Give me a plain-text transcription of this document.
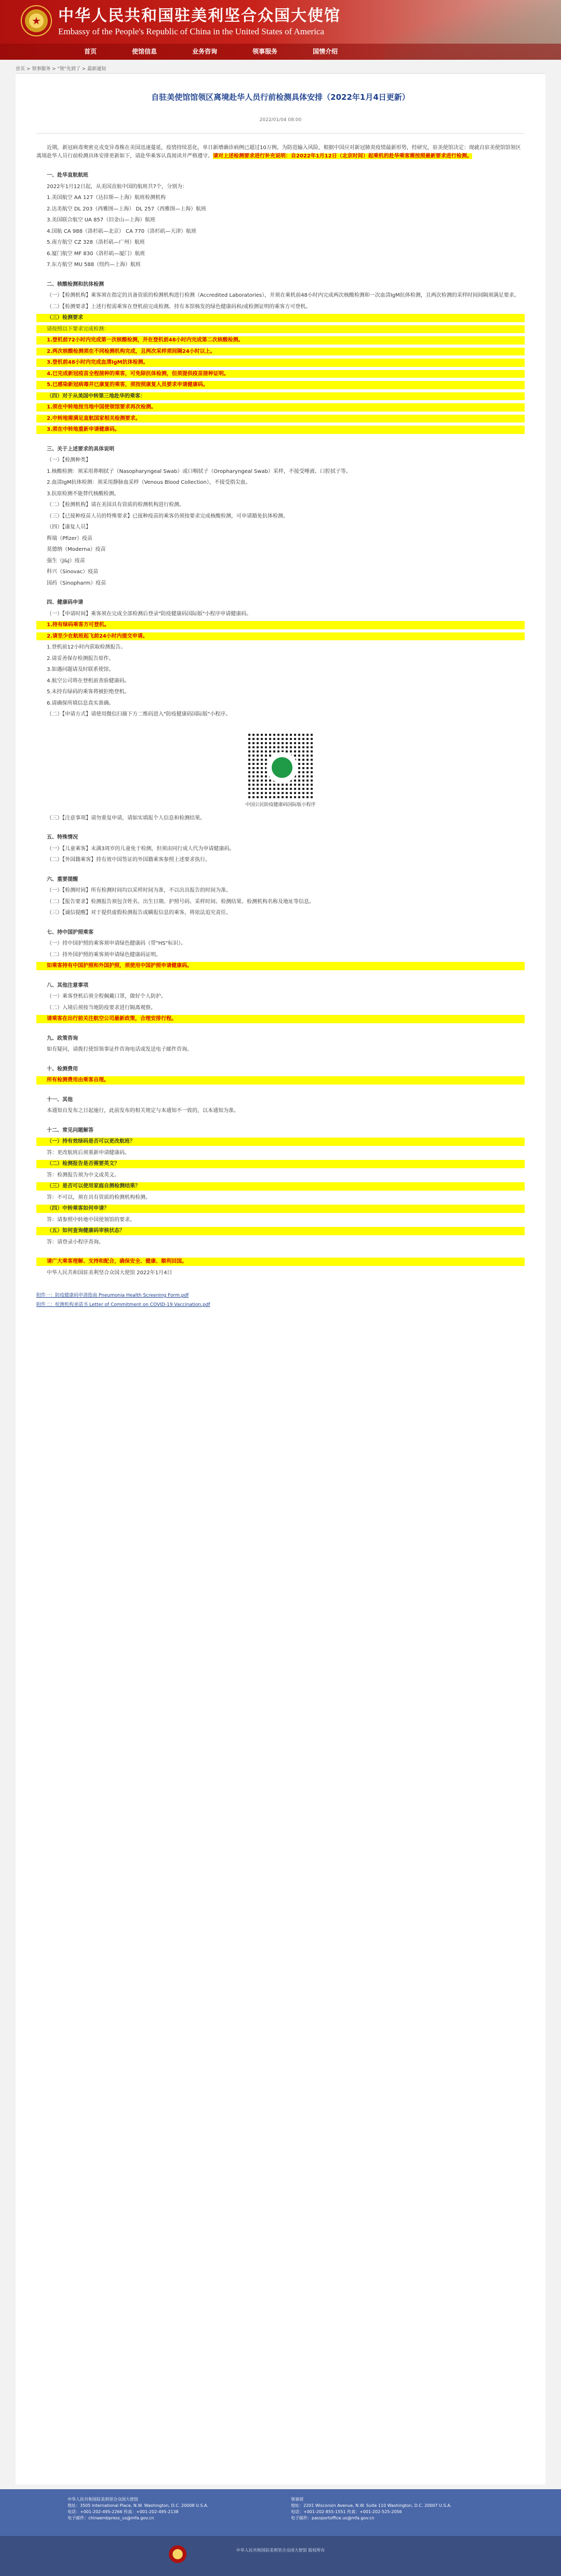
★	中华人民共和国驻美利坚合众国大使馆
Embassy of the People's Republic of China in the United States of America
首页	使馆信息	业务咨询	领事服务	国情介绍
首页 > 领事服务 > "领"先到了 > 最新通知
自驻美使馆馆领区离境赴华人员行前检测具体安排（2022年1月4日更新）
2022/01/04 08:00

近期，新冠病毒奥密克戎变异毒株在美国迅速蔓延，疫情持续恶化，单日新增确诊病例已超过10万例。为防范输入风险，根据中国应对新冠肺炎疫情最新形势，经研究，驻美使馆决定：现就自驻美使馆馆领区离境赴华人员行前检测具体安排更新如下，请赴华乘客认真阅读并严格遵守。请对上述检测要求进行补充说明：自2022年1月12日（北京时间）起乘机的赴华乘客需按照最新要求进行检测。

一、赴华直航航班

2022年1月12日起，从美国直航中国的航班共7个，分别为：

1.美国航空 AA 127（达拉斯—上海）航班检测机构

2.达美航空 DL 203（西雅图—上海） DL 257（西雅图—上海）航班

3.美国联合航空 UA 857（旧金山—上海）航班

4.国航 CA 988（洛杉矶—北京） CA 770（洛杉矶—天津）航班

5.南方航空 CZ 328（洛杉矶—广州）航班

6.厦门航空 MF 830（洛杉矶—厦门）航班

7.东方航空 MU 588（纽约—上海）航班

二、核酸检测和抗体检测

（一）【检测机构】乘客须在指定的具备资质的检测机构进行检测（Accredited Laboratories），并须在乘机前48小时内完成两次核酸检测和一次血清IgM抗体检测，且两次检测的采样时间间隔须满足要求。

（二）【检测要求】上述行程需乘客在登机前完成检测。持有本馆核发的绿色健康码和/或检测证明的乘客方可登机。

（三）检测要求

请按照以下要求完成检测：

1.登机前72小时内完成第一次核酸检测，并在登机前48小时内完成第二次核酸检测。

2.两次核酸检测须在不同检测机构完成，且两次采样须间隔24小时以上。

3.登机前48小时内完成血清IgM抗体检测。

4.已完成新冠疫苗全程接种的乘客，可免除抗体检测，但须提供疫苗接种证明。

5.已感染新冠病毒并已康复的乘客，须按照康复人员要求申请健康码。

（四）对于从美国中转第三地赴华的乘客：

1.须在中转地按当地中国使领馆要求再次检测。

2.中转地需满足直航国家相关检测要求。

3.须在中转地重新申请健康码。

三、关于上述要求的具体说明

（一）【检测种类】

1.核酸检测：须采用鼻咽拭子（Nasopharyngeal Swab）或口咽拭子（Oropharyngeal Swab）采样，不接受唾液、口腔拭子等。

2.血清IgM抗体检测：须采用静脉血采样（Venous Blood Collection），不接受指尖血。

3.抗原检测不能替代核酸检测。

（二）【检测机构】请在美国具有资质的检测机构进行检测。

（三）【已接种疫苗人员的特殊要求】已接种疫苗的乘客仍须按要求完成核酸检测，可申请豁免抗体检测。

（四）【康复人员】

辉瑞（Pfizer）疫苗

莫德纳（Moderna）疫苗

强生（J&J）疫苗

科兴（Sinovac）疫苗

国药（Sinopharm）疫苗

四、健康码申请

（一）【申请时间】乘客须在完成全部检测后登录"防疫健康码国际版"小程序申请健康码。

1.持有绿码乘客方可登机。

2.请至少在航班起飞前24小时内提交申请。

1.登机前12小时内获取检测报告。

2.请妥善保存检测报告原件。

3.如遇问题请及时联系使馆。

4.航空公司将在登机前查验健康码。

5.未持有绿码的乘客将被拒绝登机。

6.请确保所填信息真实准确。

（二）【申请方式】请使用微信扫描下方二维码进入"防疫健康码国际版"小程序。

中国公民防疫健康码国际版小程序

（三）【注意事项】请勿重复申请，请如实填报个人信息和检测结果。

五、特殊情况

（一）【儿童乘客】未满3周岁的儿童免于检测，但须由同行成人代为申请健康码。

（二）【外国籍乘客】持有效中国签证的外国籍乘客参照上述要求执行。

六、重要提醒

（一）【检测时间】所有检测时间均以采样时间为准，不以出具报告的时间为准。

（二）【报告要求】检测报告须包含姓名、出生日期、护照号码、采样时间、检测结果、检测机构名称及地址等信息。

（三）【诚信提醒】对于提供虚假检测报告或瞒报信息的乘客，将依法追究责任。

七、持中国护照乘客

（一）持中国护照的乘客须申请绿色健康码（带"HS"标识）。

（二）持外国护照的乘客须申请绿色健康码证明。

如乘客持有中国护照和外国护照，须使用中国护照申请健康码。

八、其他注意事项

（一）乘客登机后须全程佩戴口罩，做好个人防护。

（二）入境后须按当地防疫要求进行隔离观察。

请乘客在出行前关注航空公司最新政策，合理安排行程。

九、政策咨询

如有疑问，请拨打使馆领事证件咨询电话或发送电子邮件咨询。

十、检测费用

所有检测费用由乘客自理。

十一、其他

本通知自发布之日起施行，此前发布的相关规定与本通知不一致的，以本通知为准。

十二、常见问题解答

（一）持有效绿码是否可以更改航班？

答：更改航班后须重新申请健康码。

（二）检测报告是否需要英文？

答：检测报告须为中文或英文。

（三）是否可以使用家庭自测检测结果？

答：不可以，须在具有资质的检测机构检测。

（四）中转乘客如何申请？

答：请参照中转地中国使领馆的要求。

（五）如何查询健康码审核状态？

答：请登录小程序查询。

请广大乘客理解、支持和配合，确保安全、健康、顺利回国。

中华人民共和国驻美利坚合众国大使馆 2022年1月4日

附件一：防疫健康码申请指南 Pneumonia Health Screening Form.pdf
附件二：检测机构承诺书 Letter of Commitment on COVID-19 Vaccination.pdf
中华人民共和国驻美利坚合众国大使馆
地址：3505 International Place, N.W. Washington, D.C. 20008 U.S.A.
电话：+001-202-495-2266 传真：+001-202-495-2138
电子邮件：chinaembpress_us@mfa.gov.cn
领事部
地址：2201 Wisconsin Avenue, N.W. Suite 110 Washington, D.C. 20007 U.S.A.
电话：+001-202-855-1551 传真：+001-202-525-2056
电子邮件：passportoffice.us@mfa.gov.cn
中华人民共和国驻美利坚合众国大使馆 版权所有
